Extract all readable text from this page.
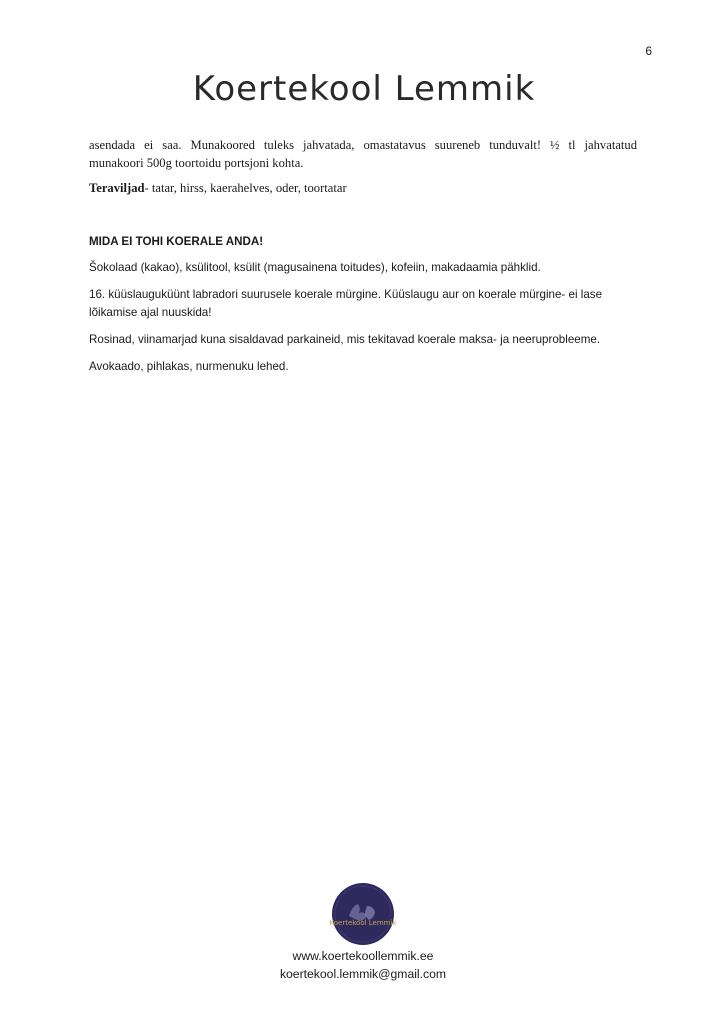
6
Koertekool Lemmik

asendada ei saa. Munakoored tuleks jahvatada, omastatavus suureneb tunduvalt! ½ tl jahvatatud
munakoori 500g toortoidu portsjoni kohta.

Teraviljad- tatar, hirss, kaerahelves, oder, toortatar

MIDA EI TOHI KOERALE ANDA!

Šokolaad (kakao), ksülitool, ksülit (magusainena toitudes), kofeiin, makadaamia pähklid.

16. küüslauguküünt labradori suurusele koerale mürgine. Küüslaugu aur on koerale mürgine- ei lase
lõikamise ajal nuuskida!

Rosinad, viinamarjad kuna sisaldavad parkaineid, mis tekitavad koerale maksa- ja neeruprobleeme.

Avokaado, pihlakas, nurmenuku lehed.

Koertekool Lemmik
www.koertekoollemmik.ee
koertekool.lemmik@gmail.com
